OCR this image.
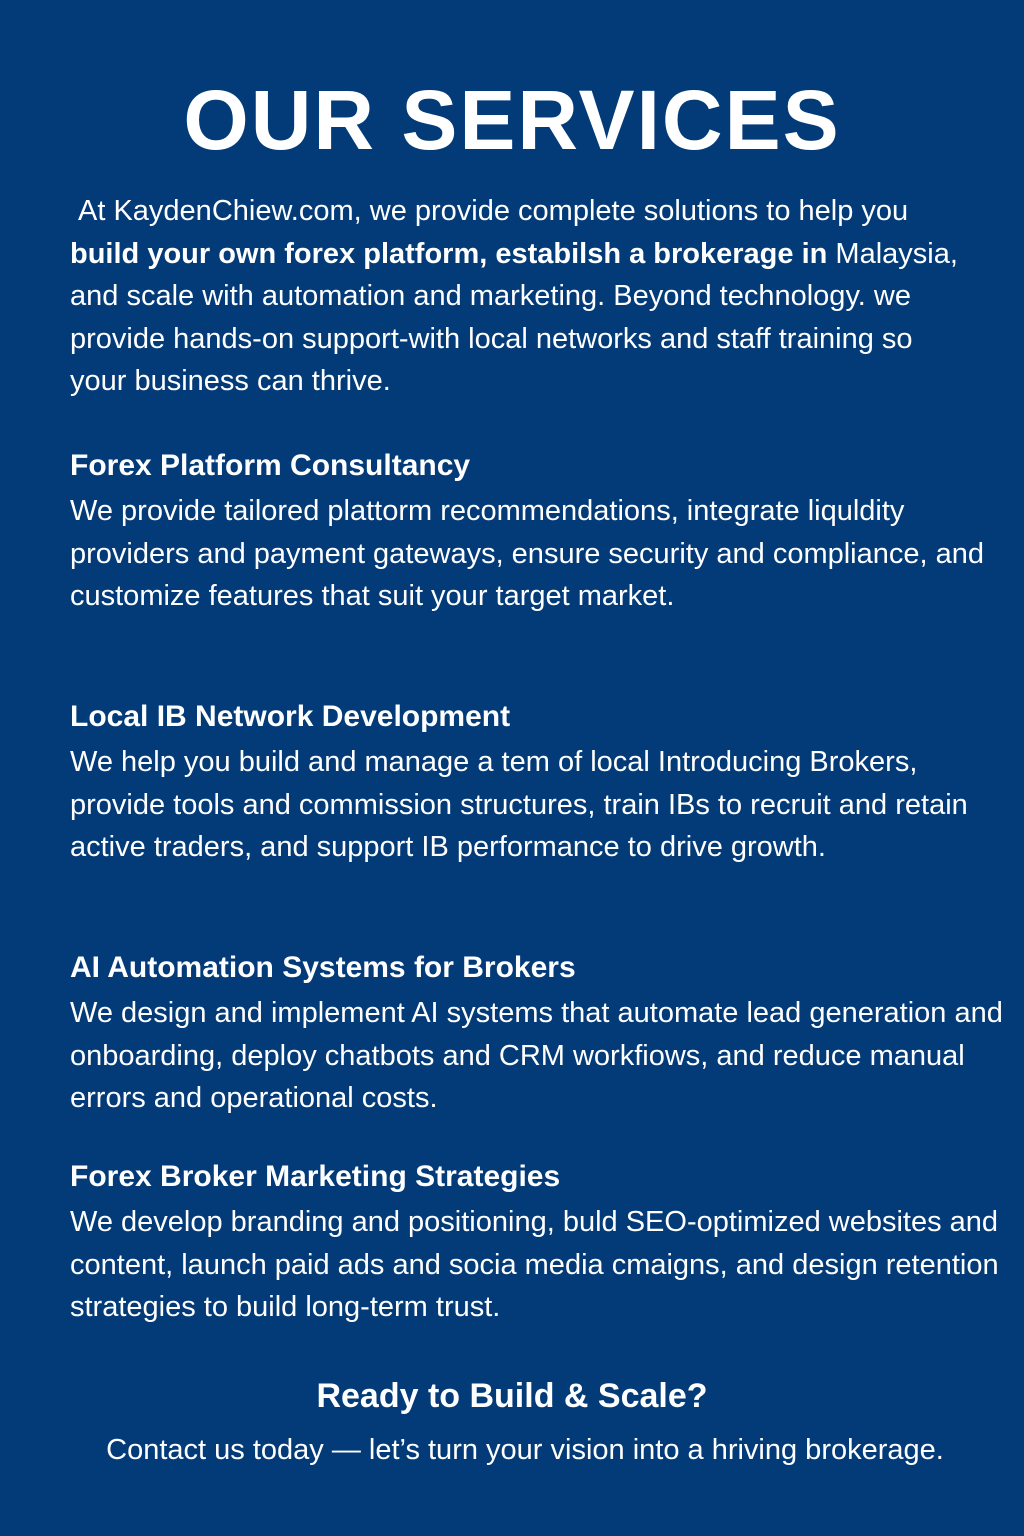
OUR SERVICES

At KaydenChiew.com, we provide complete solutions to help you build your own forex platform, estabilsh a brokerage in Malaysia, and scale with automation and marketing. Beyond technology. we provide hands-on support-with local networks and staff training so your business can thrive.

Forex Platform Consultancy

We provide tailored plattorm recommendations, integrate liquldity providers and payment gateways, ensure security and compliance, and customize features that suit your target market.

Local IB Network Development

We help you build and manage a tem of local Introducing Brokers, provide tools and commission structures, train IBs to recruit and retain active traders, and support IB performance to drive growth.

AI Automation Systems for Brokers

We design and implement AI systems that automate lead generation and onboarding, deploy chatbots and CRM workfiows, and reduce manual errors and operational costs.

Forex Broker Marketing Strategies

We develop branding and positioning, buld SEO-optimized websites and content, launch paid ads and socia media cmaigns, and design retention strategies to build long-term trust.

Ready to Build & Scale?

Contact us today — let’s turn your vision into a hriving brokerage.
